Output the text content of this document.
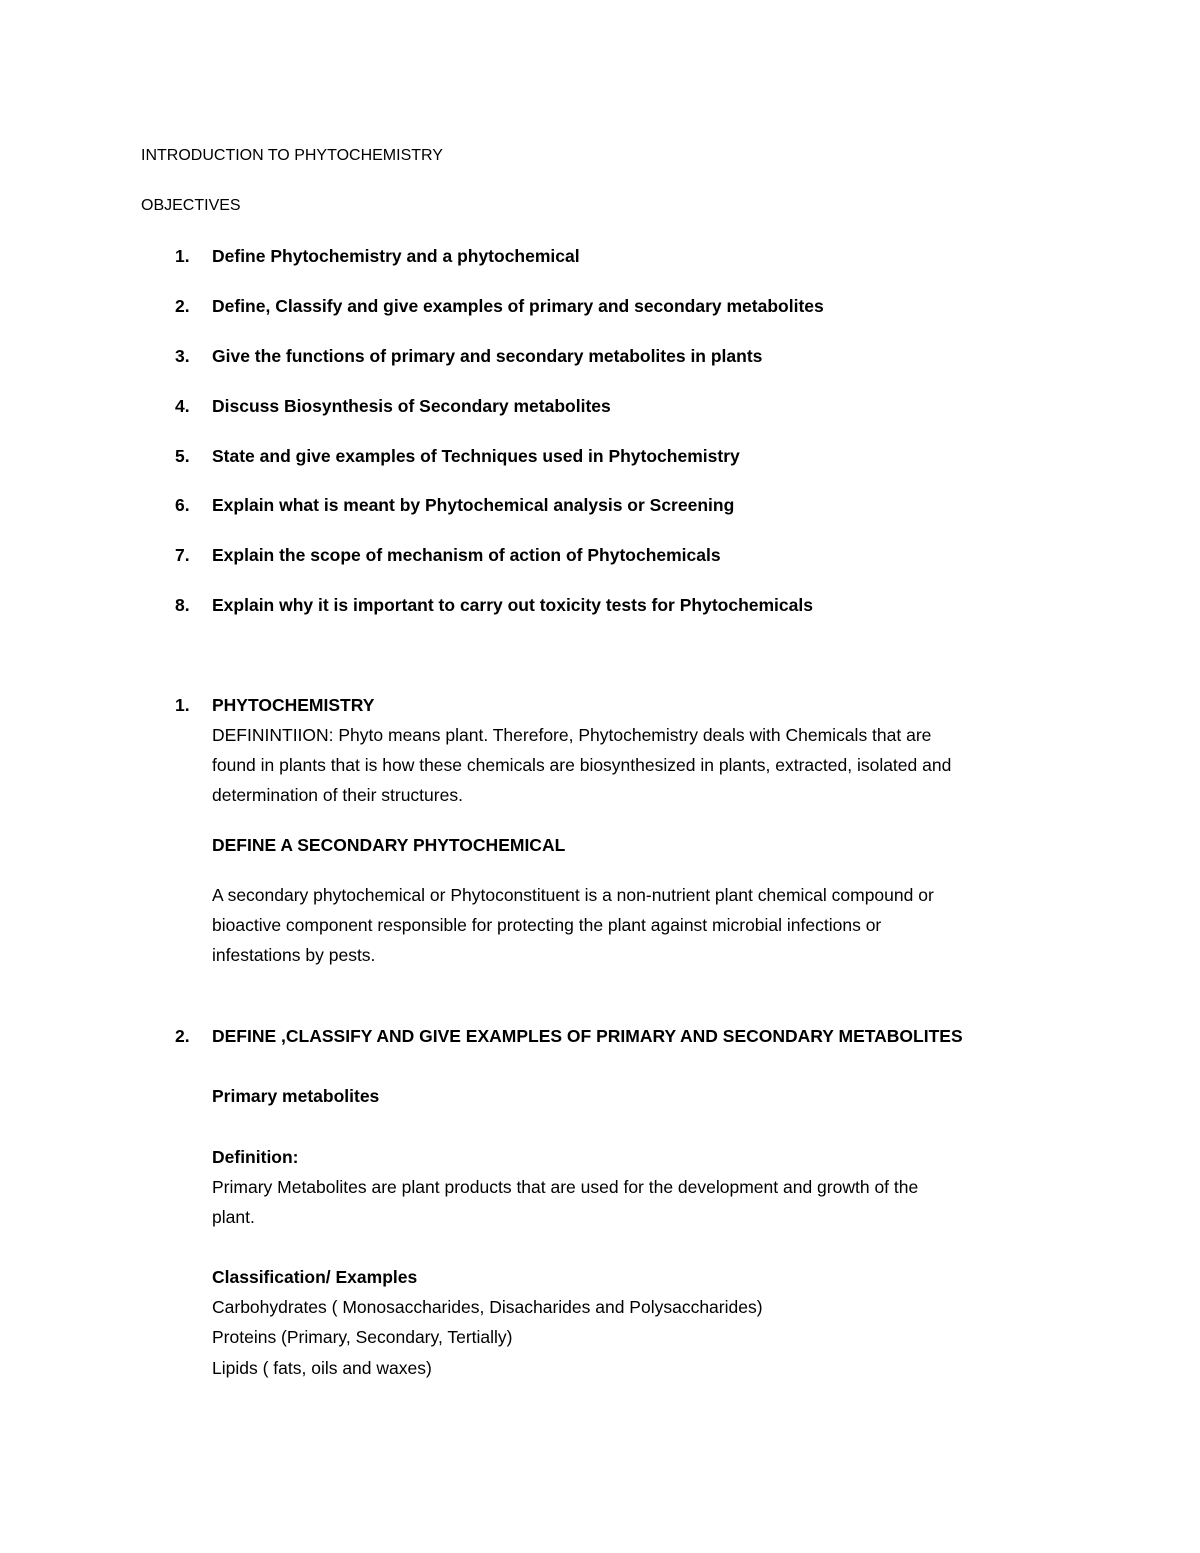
INTRODUCTION TO PHYTOCHEMISTRY
OBJECTIVES
1. Define Phytochemistry and a phytochemical
2. Define, Classify and give examples of primary and secondary metabolites
3. Give the functions of primary and secondary metabolites in plants
4. Discuss Biosynthesis of Secondary metabolites
5. State and give examples of Techniques used in Phytochemistry
6. Explain what is meant by Phytochemical analysis or Screening
7. Explain the scope of mechanism of action of Phytochemicals
8. Explain why it is important to carry out toxicity tests for Phytochemicals
1. PHYTOCHEMISTRY
DEFININTIION: Phyto means plant. Therefore, Phytochemistry deals with Chemicals that are
found in plants that is how these chemicals are biosynthesized in plants, extracted, isolated and
determination of their structures.
DEFINE A SECONDARY PHYTOCHEMICAL
A secondary phytochemical or Phytoconstituent is a non-nutrient plant chemical compound or
bioactive component responsible for protecting the plant against microbial infections or
infestations by pests.
2. DEFINE ,CLASSIFY AND GIVE EXAMPLES OF PRIMARY AND SECONDARY METABOLITES
Primary metabolites
Definition:
Primary Metabolites are plant products that are used for the development and growth of the
plant.
Classification/ Examples
Carbohydrates ( Monosaccharides, Disacharides and Polysaccharides)
Proteins (Primary, Secondary, Tertially)
Lipids ( fats, oils and waxes)
